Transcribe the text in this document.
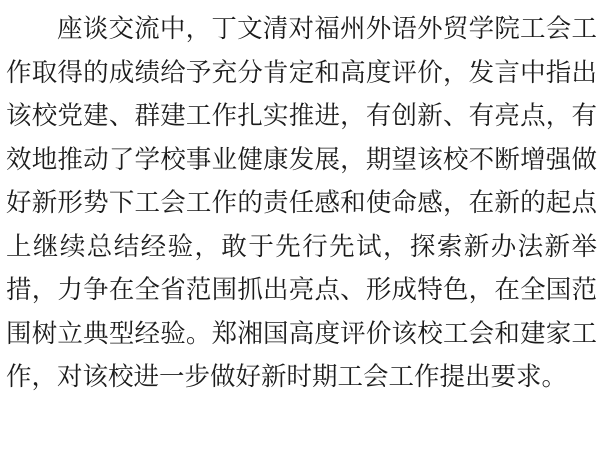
座谈交流中，丁文清对福州外语外贸学院工会工作取得的成绩给予充分肯定和高度评价，发言中指出该校党建、群建工作扎实推进，有创新、有亮点，有效地推动了学校事业健康发展，期望该校不断增强做好新形势下工会工作的责任感和使命感，在新的起点上继续总结经验，敢于先行先试，探索新办法新举措，力争在全省范围抓出亮点、形成特色，在全国范围树立典型经验。郑湘国高度评价该校工会和建家工作，对该校进一步做好新时期工会工作提出要求。
